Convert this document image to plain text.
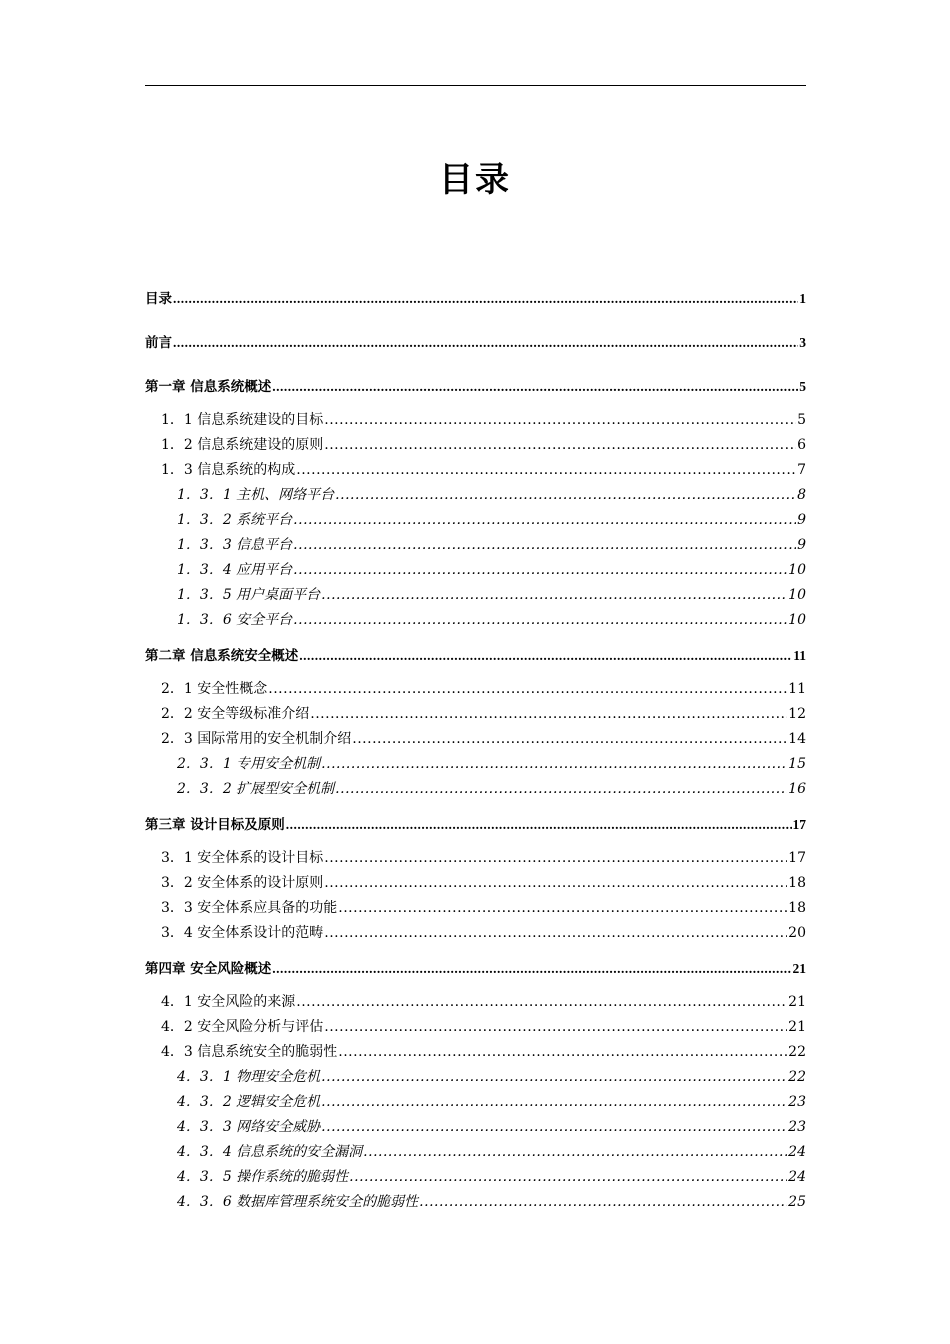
目录
目录 .....	1
前言 .....	3
第一章 信息系统概述 .....	5
1．1 信息系统建设的目标 .....	5
1．2 信息系统建设的原则 .....	6
1．3 信息系统的构成 .....	7
1．3．1 主机、网络平台 .....	8
1．3．2 系统平台 .....	9
1．3．3 信息平台 .....	9
1．3．4 应用平台 .....	10
1．3．5 用户桌面平台 .....	10
1．3．6 安全平台 .....	10
第二章 信息系统安全概述 .....	11
2．1 安全性概念 .....	11
2．2 安全等级标准介绍 .....	12
2．3 国际常用的安全机制介绍 .....	14
2．3．1 专用安全机制 .....	15
2．3．2 扩展型安全机制 .....	16
第三章 设计目标及原则 .....	17
3．1 安全体系的设计目标 .....	17
3．2 安全体系的设计原则 .....	18
3．3 安全体系应具备的功能 .....	18
3．4 安全体系设计的范畴 .....	20
第四章 安全风险概述 .....	21
4．1 安全风险的来源 .....	21
4．2 安全风险分析与评估 .....	21
4．3 信息系统安全的脆弱性 .....	22
4．3．1 物理安全危机 .....	22
4．3．2 逻辑安全危机 .....	23
4．3．3 网络安全威胁 .....	23
4．3．4 信息系统的安全漏洞 .....	24
4．3．5 操作系统的脆弱性 .....	24
4．3．6 数据库管理系统安全的脆弱性 .....	25
